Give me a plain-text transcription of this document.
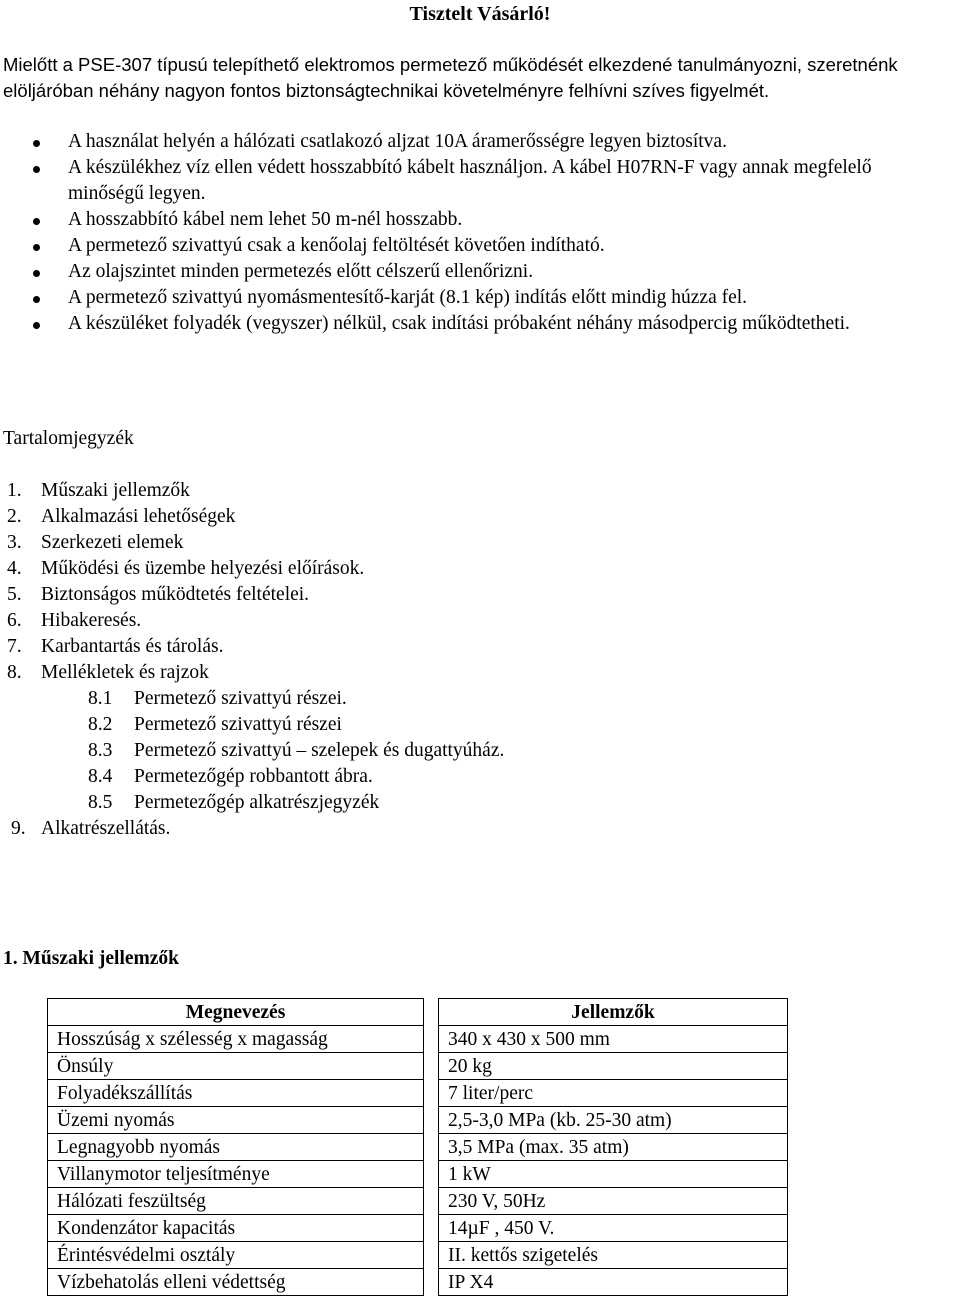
Tisztelt Vásárló!
Mielőtt a PSE-307 típusú telepíthető elektromos permetező működését elkezdené tanulmányozni, szeretnénk elöljáróban néhány nagyon fontos biztonságtechnikai követelményre felhívni szíves figyelmét.
A használat helyén a hálózati csatlakozó aljzat 10A áramerősségre legyen biztosítva.
A készülékhez víz ellen védett hosszabbító kábelt használjon. A kábel H07RN-F vagy annak megfelelő minőségű legyen.
A hosszabbító kábel nem lehet 50 m-nél hosszabb.
A permetező szivattyú csak a kenőolaj feltöltését követően indítható.
Az olajszintet minden permetezés előtt célszerű ellenőrizni.
A permetező szivattyú nyomásmentesítő-karját (8.1 kép) indítás előtt mindig húzza fel.
A készüléket folyadék (vegyszer) nélkül, csak indítási próbaként néhány másodpercig működtetheti.
Tartalomjegyzék
1. Műszaki jellemzők
2. Alkalmazási lehetőségek
3. Szerkezeti elemek
4. Működési és üzembe helyezési előírások.
5. Biztonságos működtetés feltételei.
6. Hibakeresés.
7. Karbantartás és tárolás.
8. Mellékletek és rajzok
8.1 Permetező szivattyú részei.
8.2 Permetező szivattyú részei
8.3 Permetező szivattyú – szelepek és dugattyúház.
8.4 Permetezőgép robbantott ábra.
8.5 Permetezőgép alkatrészjegyzék
9. Alkatrészellátás.
1. Műszaki jellemzők
Megnevezés		Jellemzők
Hosszúság x szélesség x magasság		340 x 430 x 500 mm
Önsúly		20 kg
Folyadékszállítás		7 liter/perc
Üzemi nyomás		2,5-3,0 MPa (kb. 25-30 atm)
Legnagyobb nyomás		3,5 MPa (max. 35 atm)
Villanymotor teljesítménye		1 kW
Hálózati feszültség		230 V, 50Hz
Kondenzátor kapacitás		14µF , 450 V.
Érintésvédelmi osztály		II. kettős szigetelés
Vízbehatolás elleni védettség		IP X4
